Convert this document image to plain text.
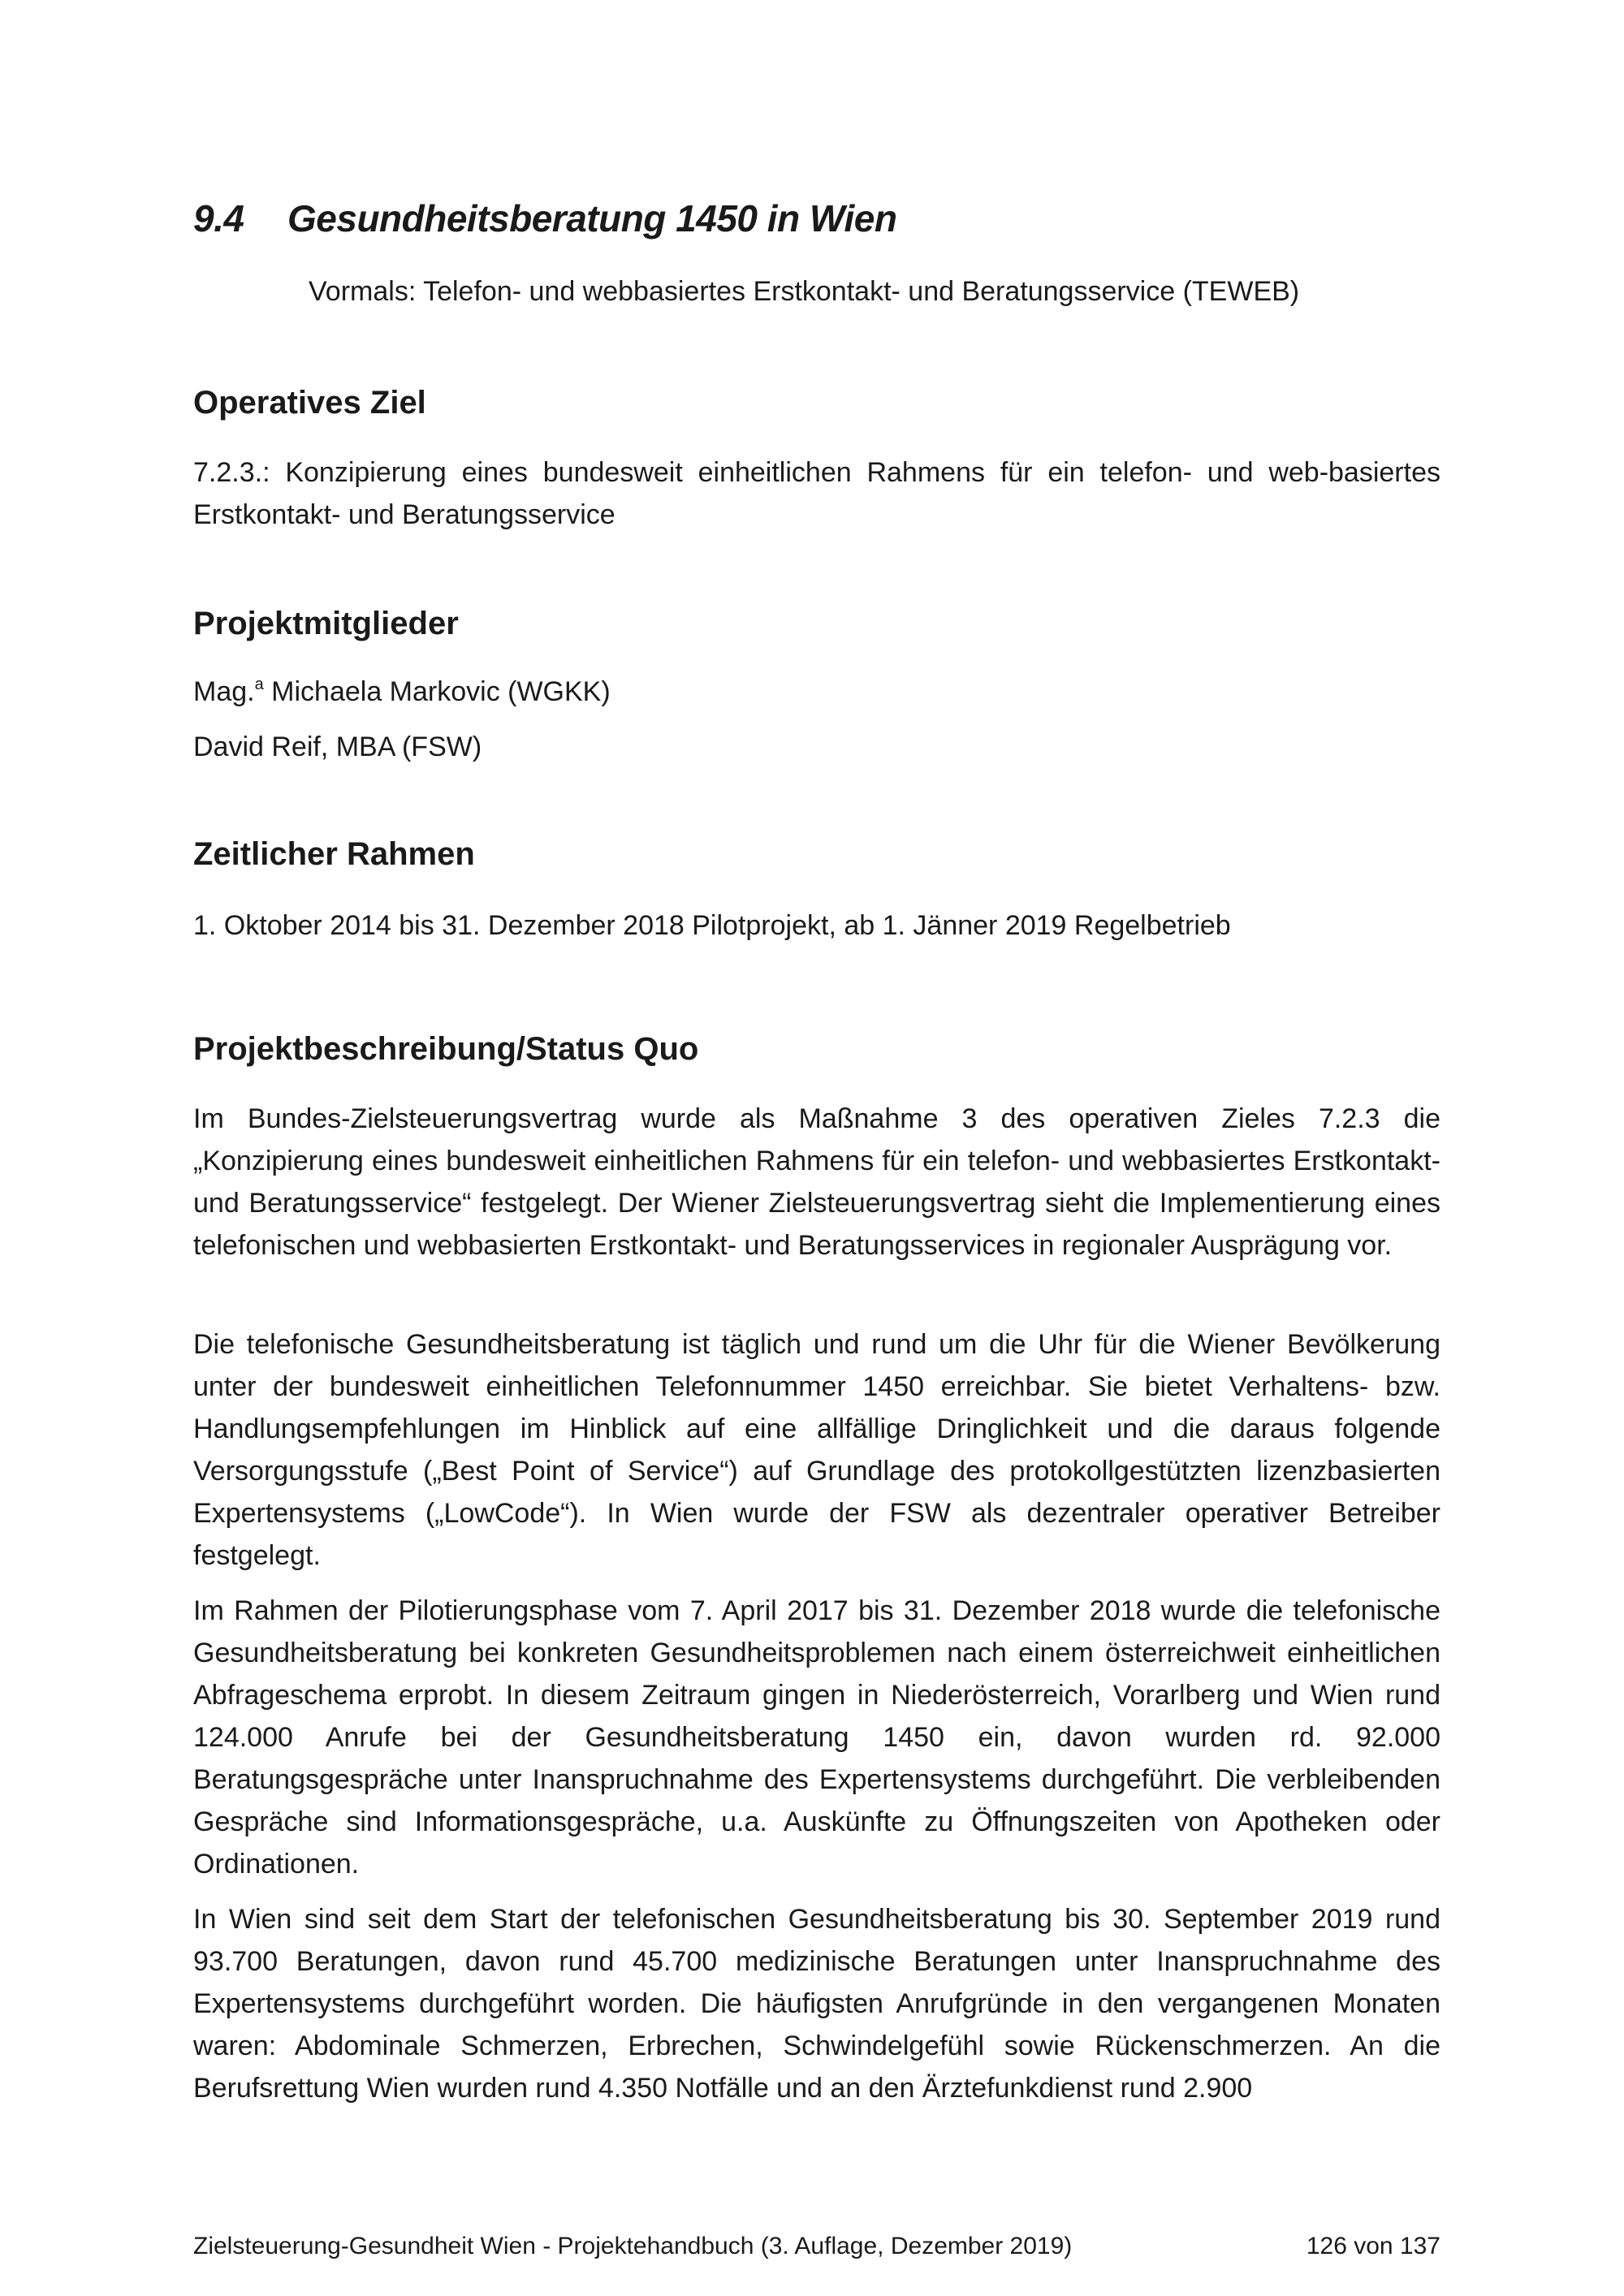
9.4 Gesundheitsberatung 1450 in Wien
Vormals: Telefon- und webbasiertes Erstkontakt- und Beratungsservice (TEWEB)
Operatives Ziel

7.2.3.: Konzipierung eines bundesweit einheitlichen Rahmens für ein telefon- und web-basiertes Erstkontakt- und Beratungsservice

Projektmitglieder
Mag.$^a$ Michaela Markovic (WGKK)
David Reif, MBA (FSW)
Zeitlicher Rahmen
1. Oktober 2014 bis 31. Dezember 2018 Pilotprojekt, ab 1. Jänner 2019 Regelbetrieb
Projektbeschreibung/Status Quo

Im Bundes-Zielsteuerungsvertrag wurde als Maßnahme 3 des operativen Zieles 7.2.3 die „Konzipierung eines bundesweit einheitlichen Rahmens für ein telefon- und webbasiertes Erstkontakt- und Beratungsservice“ festgelegt. Der Wiener Zielsteuerungsvertrag sieht die Implementierung eines telefonischen und webbasierten Erstkontakt- und Beratungsservices in regionaler Ausprägung vor.

Die telefonische Gesundheitsberatung ist täglich und rund um die Uhr für die Wiener Bevölkerung unter der bundesweit einheitlichen Telefonnummer 1450 erreichbar. Sie bietet Verhaltens- bzw. Handlungsempfehlungen im Hinblick auf eine allfällige Dringlichkeit und die daraus folgende Versorgungsstufe („Best Point of Service“) auf Grundlage des protokollgestützten lizenzbasierten Expertensystems („LowCode“). In Wien wurde der FSW als dezentraler operativer Betreiber festgelegt.

Im Rahmen der Pilotierungsphase vom 7. April 2017 bis 31. Dezember 2018 wurde die telefonische Gesundheitsberatung bei konkreten Gesundheitsproblemen nach einem österreichweit einheitlichen Abfrageschema erprobt. In diesem Zeitraum gingen in Niederösterreich, Vorarlberg und Wien rund 124.000 Anrufe bei der Gesundheitsberatung 1450 ein, davon wurden rd. 92.000 Beratungsgespräche unter Inanspruchnahme des Expertensystems durchgeführt. Die verbleibenden Gespräche sind Informationsgespräche, u.a. Auskünfte zu Öffnungszeiten von Apotheken oder Ordinationen.

In Wien sind seit dem Start der telefonischen Gesundheitsberatung bis 30. September 2019 rund 93.700 Beratungen, davon rund 45.700 medizinische Beratungen unter Inanspruchnahme des Expertensystems durchgeführt worden. Die häufigsten Anrufgründe in den vergangenen Monaten waren: Abdominale Schmerzen, Erbrechen, Schwindelgefühl sowie Rückenschmerzen. An die Berufsrettung Wien wurden rund 4.350 Notfälle und an den Ärztefunkdienst rund 2.900

Zielsteuerung-Gesundheit Wien - Projektehandbuch (3. Auflage, Dezember 2019)	126 von 137
